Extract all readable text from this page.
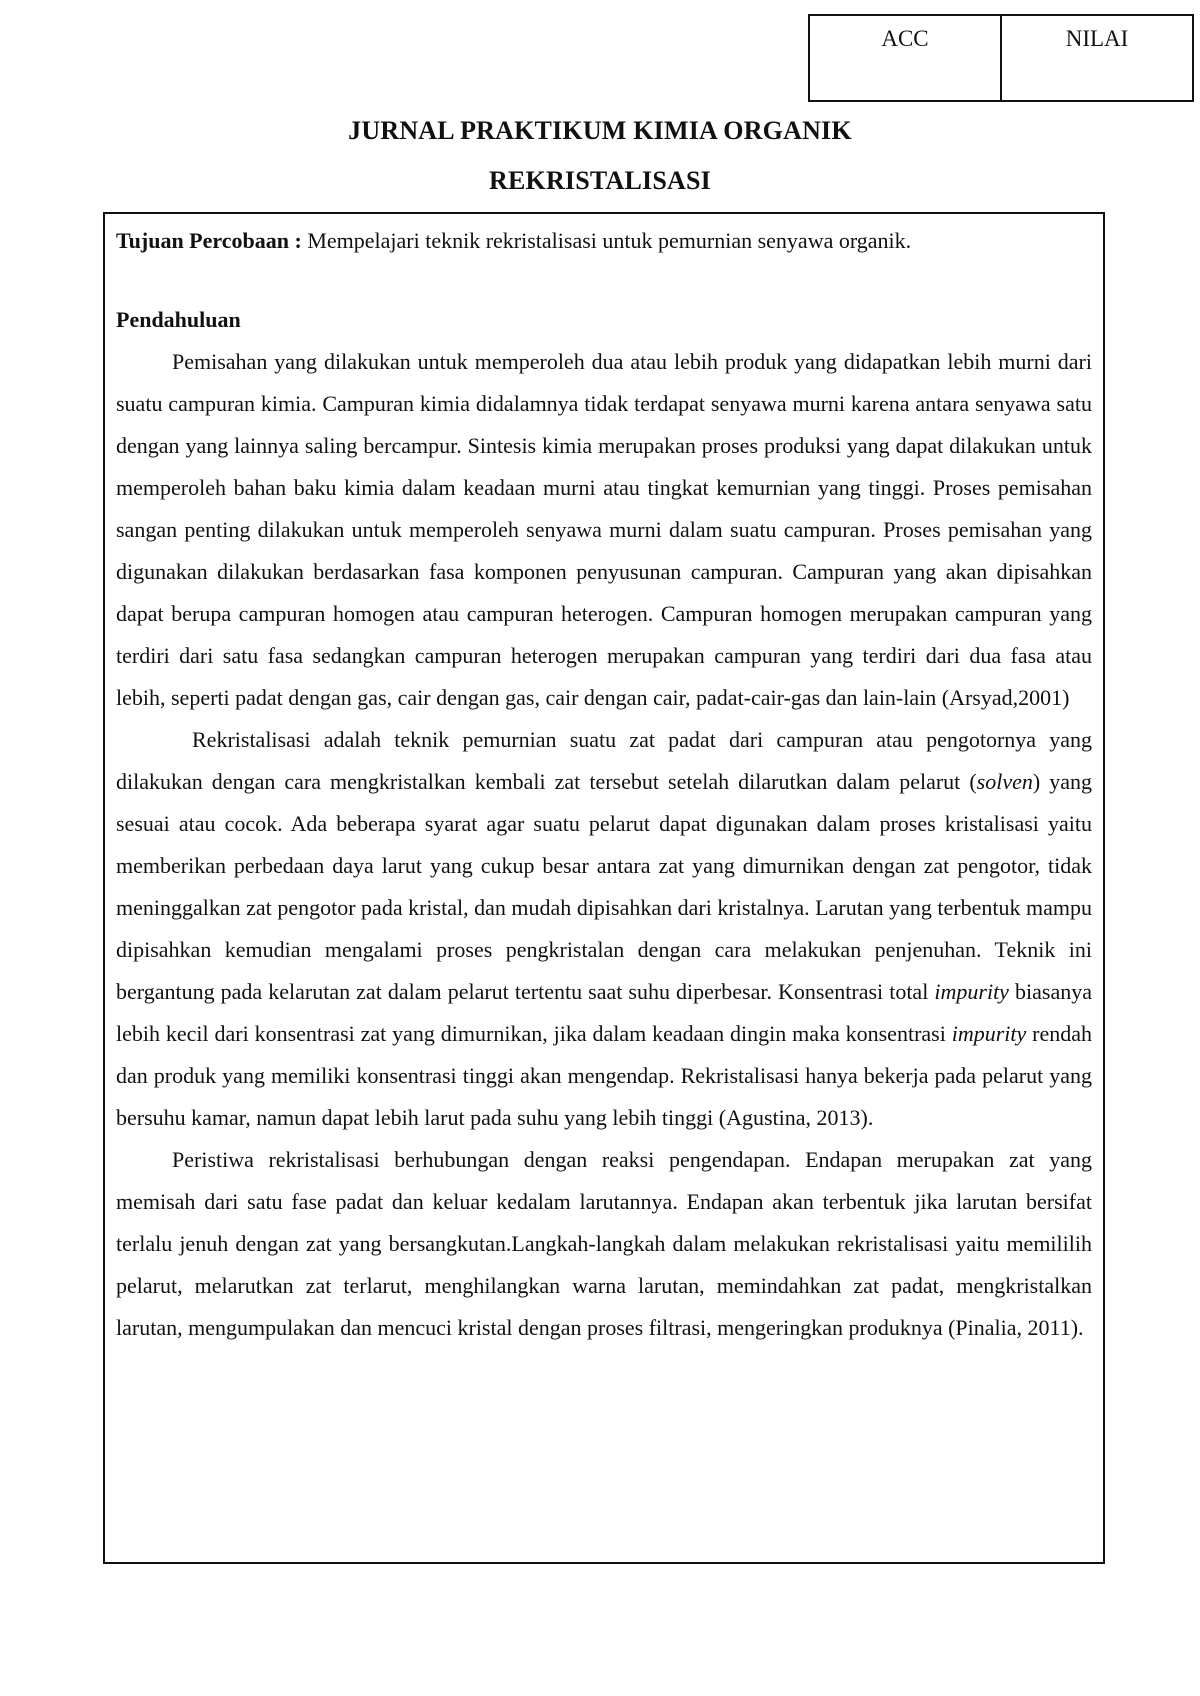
ACC	NILAI
JURNAL PRAKTIKUM KIMIA ORGANIK
REKRISTALISASI
Tujuan Percobaan : Mempelajari teknik rekristalisasi untuk pemurnian senyawa organik.
Pendahuluan

Pemisahan yang dilakukan untuk memperoleh dua atau lebih produk yang didapatkan lebih murni dari suatu campuran kimia. Campuran kimia didalamnya tidak terdapat senyawa murni karena antara senyawa satu dengan yang lainnya saling bercampur. Sintesis kimia merupakan proses produksi yang dapat dilakukan untuk memperoleh bahan baku kimia dalam keadaan murni atau tingkat kemurnian yang tinggi. Proses pemisahan sangan penting dilakukan untuk memperoleh senyawa murni dalam suatu campuran. Proses pemisahan yang digunakan dilakukan berdasarkan fasa komponen penyusunan campuran. Campuran yang akan dipisahkan dapat berupa campuran homogen atau campuran heterogen. Campuran homogen merupakan campuran yang terdiri dari satu fasa sedangkan campuran heterogen merupakan campuran yang terdiri dari dua fasa atau lebih, seperti padat dengan gas, cair dengan gas, cair dengan cair, padat-cair-gas dan lain-lain (Arsyad,2001)

Rekristalisasi adalah teknik pemurnian suatu zat padat dari campuran atau pengotornya yang dilakukan dengan cara mengkristalkan kembali zat tersebut setelah dilarutkan dalam pelarut (solven) yang sesuai atau cocok. Ada beberapa syarat agar suatu pelarut dapat digunakan dalam proses kristalisasi yaitu memberikan perbedaan daya larut yang cukup besar antara zat yang dimurnikan dengan zat pengotor, tidak meninggalkan zat pengotor pada kristal, dan mudah dipisahkan dari kristalnya. Larutan yang terbentuk mampu dipisahkan kemudian mengalami proses pengkristalan dengan cara melakukan penjenuhan. Teknik ini bergantung pada kelarutan zat dalam pelarut tertentu saat suhu diperbesar. Konsentrasi total impurity biasanya lebih kecil dari konsentrasi zat yang dimurnikan, jika dalam keadaan dingin maka konsentrasi impurity rendah dan produk yang memiliki konsentrasi tinggi akan mengendap. Rekristalisasi hanya bekerja pada pelarut yang bersuhu kamar, namun dapat lebih larut pada suhu yang lebih tinggi (Agustina, 2013).

Peristiwa rekristalisasi berhubungan dengan reaksi pengendapan. Endapan merupakan zat yang memisah dari satu fase padat dan keluar kedalam larutannya. Endapan akan terbentuk jika larutan bersifat terlalu jenuh dengan zat yang bersangkutan.Langkah-langkah dalam melakukan rekristalisasi yaitu memililih pelarut, melarutkan zat terlarut, menghilangkan warna larutan, memindahkan zat padat, mengkristalkan larutan, mengumpulakan dan mencuci kristal dengan proses filtrasi, mengeringkan produknya (Pinalia, 2011).
